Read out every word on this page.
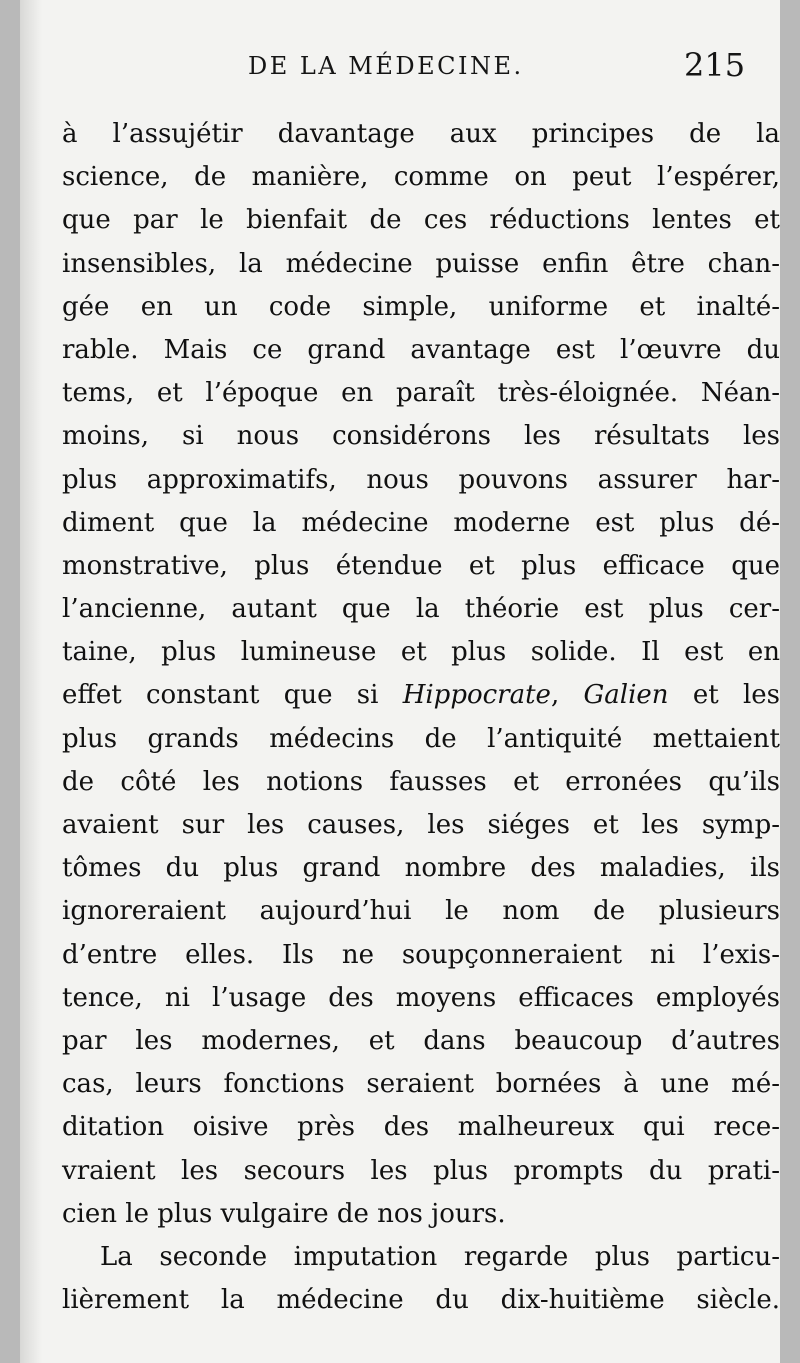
DE LA MÉDECINE.	215
à l’assujétir davantage aux principes de la
science, de manière, comme on peut l’espérer,
que par le bienfait de ces réductions lentes et
insensibles, la médecine puisse enfin être chan-
gée en un code simple, uniforme et inalté-
rable. Mais ce grand avantage est l’œuvre du
tems, et l’époque en paraît très-éloignée. Néan-
moins, si nous considérons les résultats les
plus approximatifs, nous pouvons assurer har-
diment que la médecine moderne est plus dé-
monstrative, plus étendue et plus efficace que
l’ancienne, autant que la théorie est plus cer-
taine, plus lumineuse et plus solide. Il est en
effet constant que si Hippocrate, Galien et les
plus grands médecins de l’antiquité mettaient
de côté les notions fausses et erronées qu’ils
avaient sur les causes, les siéges et les symp-
tômes du plus grand nombre des maladies, ils
ignoreraient aujourd’hui le nom de plusieurs
d’entre elles. Ils ne soupçonneraient ni l’exis-
tence, ni l’usage des moyens efficaces employés
par les modernes, et dans beaucoup d’autres
cas, leurs fonctions seraient bornées à une mé-
ditation oisive près des malheureux qui rece-
vraient les secours les plus prompts du prati-
cien le plus vulgaire de nos jours.
La seconde imputation regarde plus particu-
lièrement la médecine du dix-huitième siècle.
